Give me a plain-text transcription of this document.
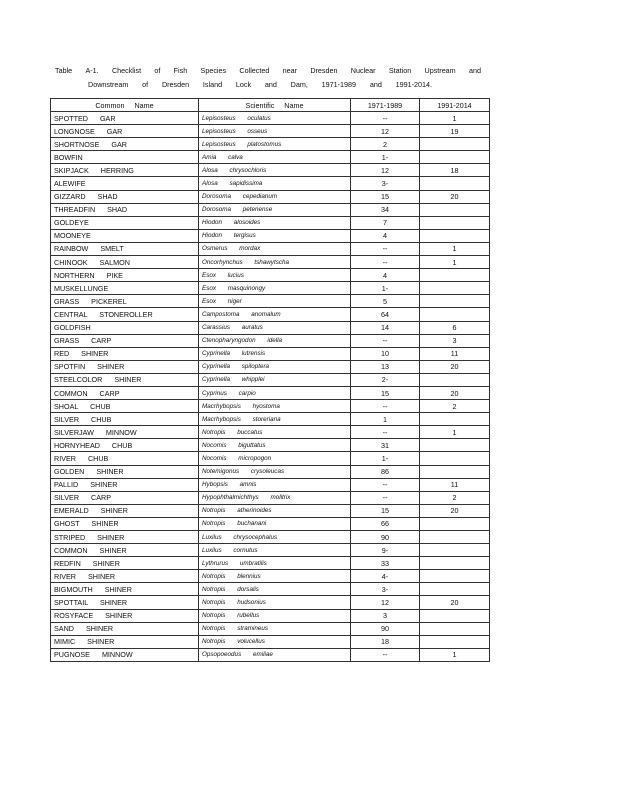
Table A-1. Checklist of Fish Species Collected near Dresden Nuclear Station Upstream and
Downstream of Dresden Island Lock and Dam, 1971-1989 and 1991-2014.
Common Name	Scientific Name	1971-1989	1991-2014
SPOTTED GAR	Lepisosteus oculatus	--	1
LONGNOSE GAR	Lepisosteus osseus	12	19
SHORTNOSE GAR	Lepisosteus platostomus	2	
BOWFIN	Amia calva	1-	
SKIPJACK HERRING	Alosa chrysochloris	12	18
ALEWIFE	Alosa sapidissima	3-	
GIZZARD SHAD	Dorosoma cepedianum	15	20
THREADFIN SHAD	Dorosoma petenense	34	
GOLDEYE	Hiodon alosoides	7	
MOONEYE	Hiodon tergisus	4	
RAINBOW SMELT	Osmerus mordax	--	1
CHINOOK SALMON	Oncorhynchus tshawytscha	--	1
NORTHERN PIKE	Esox lucius	4	
MUSKELLUNGE	Esox masquinongy	1-	
GRASS PICKEREL	Esox niger	5	
CENTRAL STONEROLLER	Campostoma anomalum	64	
GOLDFISH	Carassius auratus	14	6
GRASS CARP	Ctenopharyngodon idella	--	3
RED SHINER	Cyprinella lutrensis	10	11
SPOTFIN SHINER	Cyprinella spiloptera	13	20
STEELCOLOR SHINER	Cyprinella whipplei	2-	
COMMON CARP	Cyprinus carpio	15	20
SHOAL CHUB	Macrhybopsis hyostoma	--	2
SILVER CHUB	Macrhybopsis storeriana	1	
SILVERJAW MINNOW	Notropis buccatus	--	1
HORNYHEAD CHUB	Nocomis biguttatus	31	
RIVER CHUB	Nocomis micropogon	1-	
GOLDEN SHINER	Notemigonus crysoleucas	86	
PALLID SHINER	Hybopsis amnis	--	11
SILVER CARP	Hypophthalmichthys molitrix	--	2
EMERALD SHINER	Notropis atherinoides	15	20
GHOST SHINER	Notropis buchanani	66	
STRIPED SHINER	Luxilus chrysocephalus	90	
COMMON SHINER	Luxilus cornutus	9-	
REDFIN SHINER	Lythrurus umbratilis	33	
RIVER SHINER	Notropis blennius	4-	
BIGMOUTH SHINER	Notropis dorsalis	3-	
SPOTTAIL SHINER	Notropis hudsonius	12	20
ROSYFACE SHINER	Notropis rubellus	3	
SAND SHINER	Notropis stramineus	90	
MIMIC SHINER	Notropis volucellus	18	
PUGNOSE MINNOW	Opsopoeodus emiliae	--	1
